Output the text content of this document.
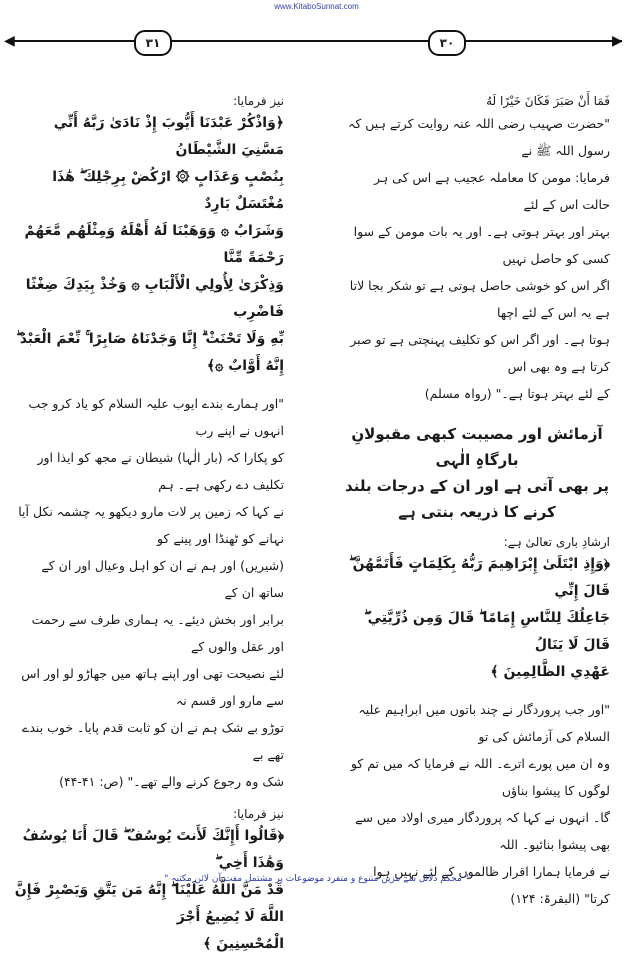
www.KitaboSunnat.com
◀	▶
٣١	٣٠

فَمَا أَنْ صَبَرَ فَكَانَ خَيْرًا لَهُ

"حضرت صہیب رضی اللہ عنہ روایت کرتے ہیں کہ رسول اللہ ﷺ نے

فرمایا: مومن کا معاملہ عجیب ہے اس کی ہر حالت اس کے لئے

بہتر اور بہتر ہوتی ہے۔ اور یہ بات مومن کے سوا کسی کو حاصل نہیں

اگر اس کو خوشی حاصل ہوتی ہے تو شکر بجا لاتا ہے یہ اس کے لئے اچھا

ہوتا ہے۔ اور اگر اس کو تکلیف پہنچتی ہے تو صبر کرتا ہے وہ بھی اس

کے لئے بہتر ہوتا ہے۔" (رواہ مسلم)

آزمائش اور مصیبت کبھی مقبولانِ بارگاہِ الٰہی
پر بھی آتی ہے اور ان کے درجات بلند کرنے کا ذریعہ بنتی ہے

ارشادِ باری تعالیٰ ہے:

﴿وَإِذِ ابْتَلَىٰ إِبْرَاهِيمَ رَبُّهُ بِكَلِمَاتٍ فَأَتَمَّهُنَّ ۖ قَالَ إِنِّي

جَاعِلُكَ لِلنَّاسِ إِمَامًا ۖ قَالَ وَمِن ذُرِّيَّتِي ۖ قَالَ لَا يَنَالُ

عَهْدِي الظَّالِمِينَ ﴾

"اور جب پروردگار نے چند باتوں میں ابراہیم علیہ السلام کی آزمائش کی تو

وہ ان میں پورے اترے۔ اللہ نے فرمایا کہ میں تم کو لوگوں کا پیشوا بناؤں

گا۔ انہوں نے کہا کہ پروردگار میری اولاد میں سے بھی پیشوا بنائیو۔ اللہ

نے فرمایا ہمارا اقرار ظالموں کے لئے نہیں ہوا کرتا" (البقرۃ: ۱۲۴)

نیز فرمایا:

﴿وَاذْكُرْ عَبْدَنَا أَيُّوبَ إِذْ نَادَىٰ رَبَّهُ أَنِّي مَسَّنِيَ الشَّيْطَانُ

بِنُصْبٍ وَعَذَابٍ ۞ ارْكُضْ بِرِجْلِكَ ۖ هَٰذَا مُغْتَسَلٌ بَارِدٌ

وَشَرَابٌ ۞ وَوَهَبْنَا لَهُ أَهْلَهُ وَمِثْلَهُم مَّعَهُمْ رَحْمَةً مِّنَّا

وَذِكْرَىٰ لِأُولِي الْأَلْبَابِ ۞ وَخُذْ بِيَدِكَ ضِغْثًا فَاضْرِب

بِّهِ وَلَا تَحْنَثْ ۗ إِنَّا وَجَدْنَاهُ صَابِرًا ۚ نِّعْمَ الْعَبْدُ ۖ إِنَّهُ أَوَّابٌ ۞﴾

"اور ہمارے بندے ایوب علیہ السلام کو یاد کرو جب انہوں نے اپنے رب

کو پکارا کہ (بار الٰہا) شیطان نے مجھ کو ایذا اور تکلیف دے رکھی ہے۔ ہم

نے کہا کہ زمین پر لات مارو دیکھو یہ چشمہ نکل آیا نہانے کو ٹھنڈا اور پینے کو

(شیریں) اور ہم نے ان کو اہل وعیال اور ان کے ساتھ ان کے

برابر اور بخش دیئے۔ یہ ہماری طرف سے رحمت اور عقل والوں کے

لئے نصیحت تھی اور اپنے ہاتھ میں جھاڑو لو اور اس سے مارو اور قسم نہ

توڑو بے شک ہم نے ان کو ثابت قدم پایا۔ خوب بندے تھے بے

شک وہ رجوع کرنے والے تھے۔" (ص: ۴۱-۴۴)

نیز فرمایا:

﴿قَالُوا أَإِنَّكَ لَأَنتَ يُوسُفُ ۖ قَالَ أَنَا يُوسُفُ وَهَٰذَا أَخِي ۖ

قَدْ مَنَّ اللَّهُ عَلَيْنَا ۖ إِنَّهُ مَن يَتَّقِ وَيَصْبِرْ فَإِنَّ اللَّهَ لَا يُضِيعُ أَجْرَ

الْمُحْسِنِينَ ﴾

" محکم دلائل سے مزین متنوع و منفرد موضوعات پر مشتمل مفت آن لائن مکتبہ "
